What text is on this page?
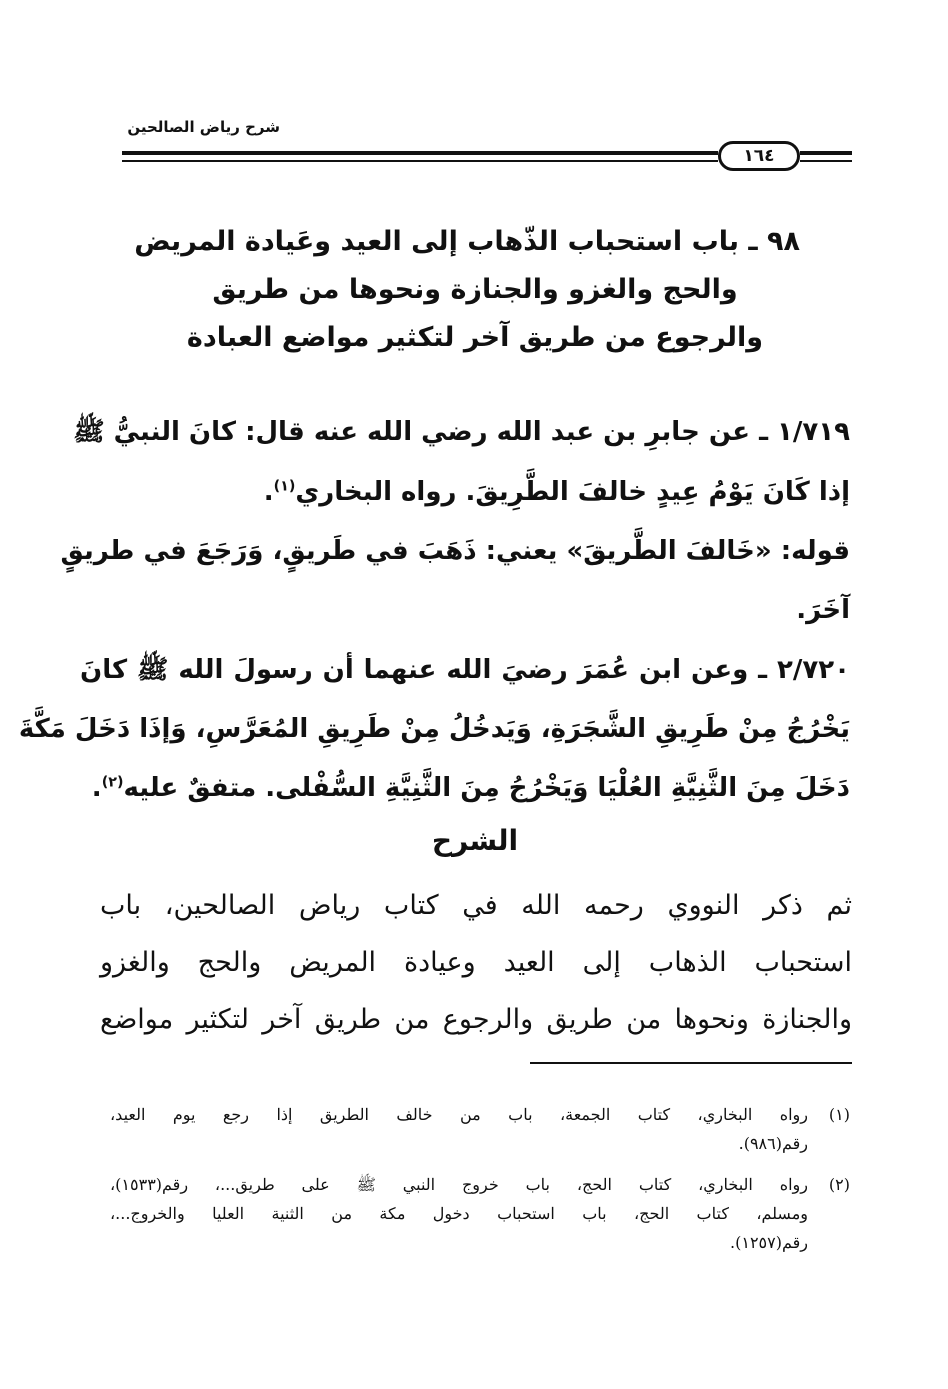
شرح رياض الصالحين
١٦٤
٩٨ ـ باب استحباب الذّهاب إلى العيد وعَيادة المريض
والحج والغزو والجنازة ونحوها من طريق
والرجوع من طريق آخر لتكثير مواضع العبادة
١/٧١٩ ـ عن جابرِ بن عبد الله رضي الله عنه قال: كانَ النبيُّ ﷺ
إذا كَانَ يَوْمُ عِيدٍ خالفَ الطَّرِيقَ. رواه البخاري$^{(١)}$.
قوله: «خَالفَ الطَّريقَ» يعني: ذَهَبَ في طَريقٍ، وَرَجَعَ في طريقٍ
آخَرَ.
٢/٧٢٠ ـ وعن ابن عُمَرَ رضيَ الله عنهما أن رسولَ الله ﷺ كانَ
يَخْرُجُ مِنْ طَرِيقِ الشَّجَرَةِ، وَيَدخُلُ مِنْ طَرِيقِ المُعَرَّسِ، وَإذَا دَخَلَ مَكَّةَ
دَخَلَ مِنَ الثَّنِيَّةِ العُلْيَا وَيَخْرُجُ مِنَ الثَّنِيَّةِ السُّفْلى. متفقٌ عليه$^{(٢)}$.
الشرح
ثم ذكر النووي رحمه الله في كتاب رياض الصالحين، باب
استحباب الذهاب إلى العيد وعيادة المريض والحج والغزو
والجنازة ونحوها من طريق والرجوع من طريق آخر لتكثير مواضع
(١)
رواه البخاري، كتاب الجمعة، باب من خالف الطريق إذا رجع يوم العيد،
رقم(٩٨٦).
(٢)
رواه البخاري، كتاب الحج، باب خروج النبي ﷺ على طريق...، رقم(١٥٣٣)،
ومسلم، كتاب الحج، باب استحباب دخول مكة من الثنية العليا والخروج...،
رقم(١٢٥٧).
